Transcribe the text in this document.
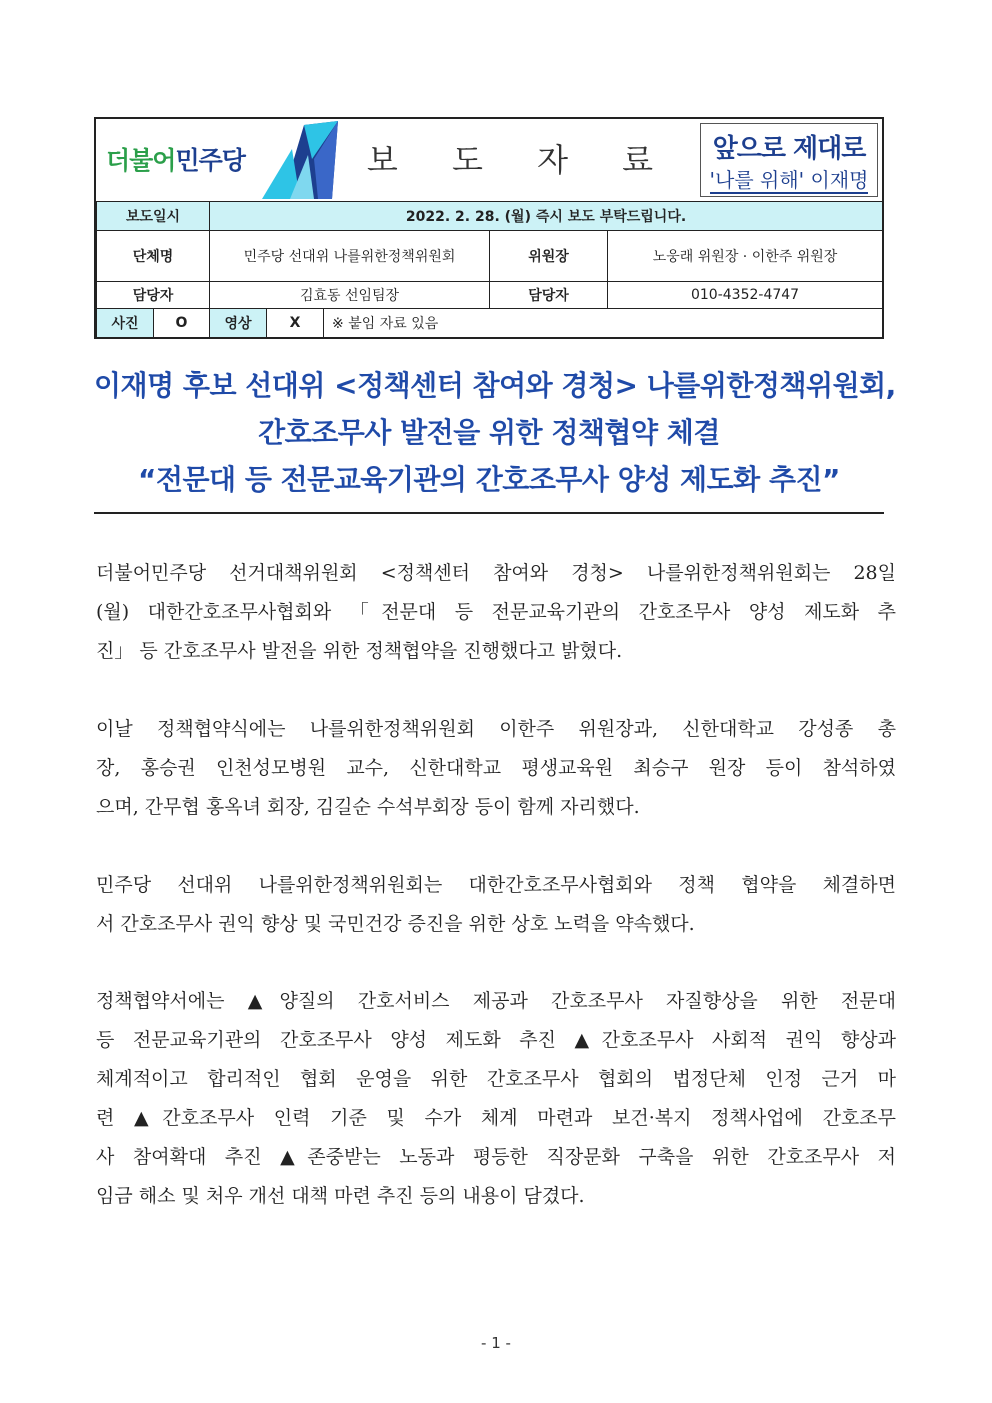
더불어민주당	보 도 자 료	앞으로 제대로
'나를 위해' 이재명
보도일시		2022. 2. 28. (월) 즉시 보도 부탁드립니다.				
단체명		민주당 선대위 나를위한정책위원회			위원장	노웅래 위원장 · 이한주 위원장
담당자		김효동 선임팀장			담당자	010-4352-4747
사진	O	영상	X	※ 붙임 자료 있음		
이재명 후보 선대위 <정책센터 참여와 경청> 나를위한정책위원회,
간호조무사 발전을 위한 정책협약 체결
“전문대 등 전문교육기관의 간호조무사 양성 제도화 추진”
더불어민주당 선거대책위원회 <정책센터 참여와 경청> 나를위한정책위원회는 28일
(월) 대한간호조무사협회와 「전문대 등 전문교육기관의 간호조무사 양성 제도화 추
진」 등 간호조무사 발전을 위한 정책협약을 진행했다고 밝혔다.
이날 정책협약식에는 나를위한정책위원회 이한주 위원장과, 신한대학교 강성종 총
장, 홍승권 인천성모병원 교수, 신한대학교 평생교육원 최승구 원장 등이 참석하였
으며, 간무협 홍옥녀 회장, 김길순 수석부회장 등이 함께 자리했다.
민주당 선대위 나를위한정책위원회는 대한간호조무사협회와 정책 협약을 체결하면
서 간호조무사 권익 향상 및 국민건강 증진을 위한 상호 노력을 약속했다.
정책협약서에는 ▲양질의 간호서비스 제공과 간호조무사 자질향상을 위한 전문대
등 전문교육기관의 간호조무사 양성 제도화 추진 ▲간호조무사 사회적 권익 향상과
체계적이고 합리적인 협회 운영을 위한 간호조무사 협회의 법정단체 인정 근거 마
련 ▲간호조무사 인력 기준 및 수가 체계 마련과 보건·복지 정책사업에 간호조무
사 참여확대 추진 ▲존중받는 노동과 평등한 직장문화 구축을 위한 간호조무사 저
임금 해소 및 처우 개선 대책 마련 추진 등의 내용이 담겼다.
- 1 -
